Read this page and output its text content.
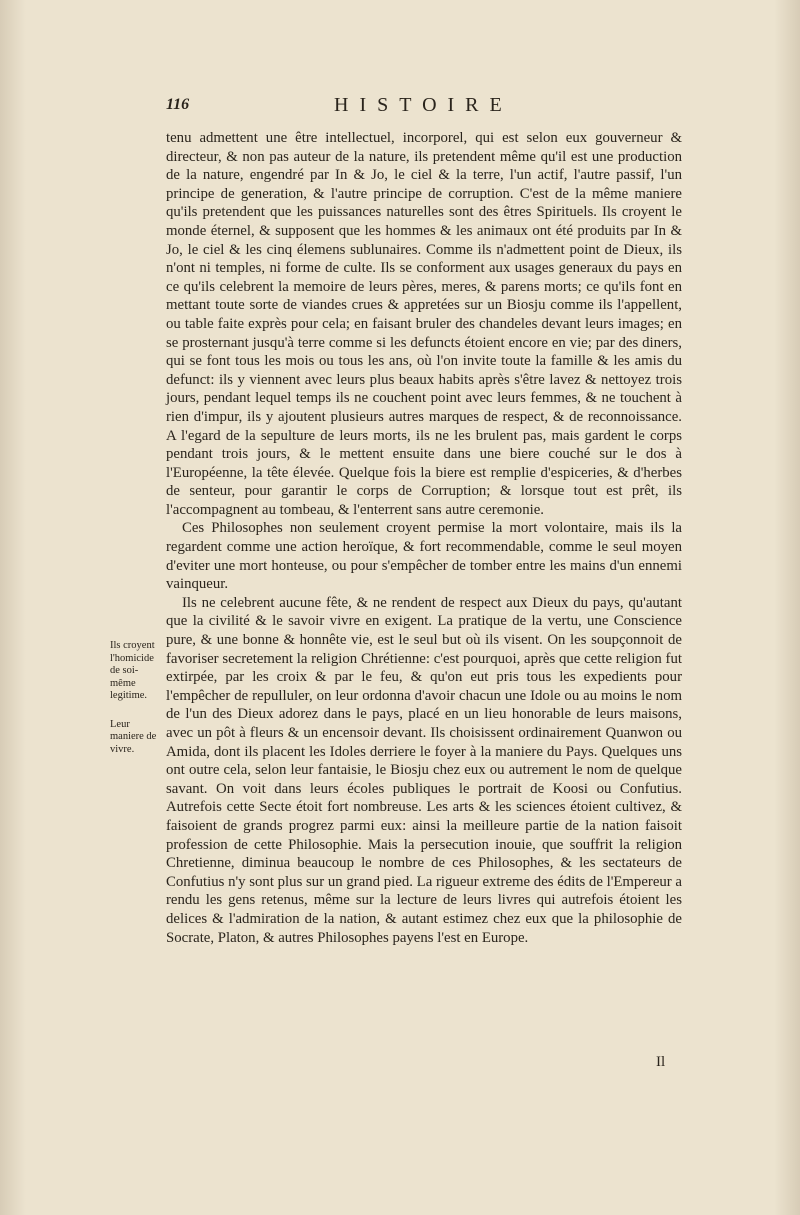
116	HISTOIRE

Ils croyent l'homicide de soi-même legitime.

Leur maniere de vivre.

tenu admettent une être intellectuel, incorporel, qui est selon eux gouverneur & directeur, & non pas auteur de la nature, ils pretendent même qu'il est une production de la nature, engendré par In & Jo, le ciel & la terre, l'un actif, l'autre passif, l'un principe de generation, & l'autre principe de corruption. C'est de la même maniere qu'ils pretendent que les puissances naturelles sont des êtres Spirituels. Ils croyent le monde éternel, & supposent que les hommes & les animaux ont été produits par In & Jo, le ciel & les cinq élemens sublunaires. Comme ils n'admettent point de Dieux, ils n'ont ni temples, ni forme de culte. Ils se conforment aux usages generaux du pays en ce qu'ils celebrent la memoire de leurs pères, meres, & parens morts; ce qu'ils font en mettant toute sorte de viandes crues & appretées sur un Biosju comme ils l'appellent, ou table faite exprès pour cela; en faisant bruler des chandeles devant leurs images; en se prosternant jusqu'à terre comme si les defuncts étoient encore en vie; par des diners, qui se font tous les mois ou tous les ans, où l'on invite toute la famille & les amis du defunct: ils y viennent avec leurs plus beaux habits après s'être lavez & nettoyez trois jours, pendant lequel temps ils ne couchent point avec leurs femmes, & ne touchent à rien d'impur, ils y ajoutent plusieurs autres marques de respect, & de reconnoissance. A l'egard de la sepulture de leurs morts, ils ne les brulent pas, mais gardent le corps pendant trois jours, & le mettent ensuite dans une biere couché sur le dos à l'Européenne, la tête élevée. Quelque fois la biere est remplie d'espiceries, & d'herbes de senteur, pour garantir le corps de Corruption; & lorsque tout est prêt, ils l'accompagnent au tombeau, & l'enterrent sans autre ceremonie.

Ces Philosophes non seulement croyent permise la mort volontaire, mais ils la regardent comme une action heroïque, & fort recommendable, comme le seul moyen d'eviter une mort honteuse, ou pour s'empêcher de tomber entre les mains d'un ennemi vainqueur.

Ils ne celebrent aucune fête, & ne rendent de respect aux Dieux du pays, qu'autant que la civilité & le savoir vivre en exigent. La pratique de la vertu, une Conscience pure, & une bonne & honnête vie, est le seul but où ils visent. On les soupçonnoit de favoriser secretement la religion Chrétienne: c'est pourquoi, après que cette religion fut extirpée, par les croix & par le feu, & qu'on eut pris tous les expedients pour l'empêcher de repulluler, on leur ordonna d'avoir chacun une Idole ou au moins le nom de l'un des Dieux adorez dans le pays, placé en un lieu honorable de leurs maisons, avec un pôt à fleurs & un encensoir devant. Ils choisissent ordinairement Quanwon ou Amida, dont ils placent les Idoles derriere le foyer à la maniere du Pays. Quelques uns ont outre cela, selon leur fantaisie, le Biosju chez eux ou autrement le nom de quelque savant. On voit dans leurs écoles publiques le portrait de Koosi ou Confutius. Autrefois cette Secte étoit fort nombreuse. Les arts & les sciences étoient cultivez, & faisoient de grands progrez parmi eux: ainsi la meilleure partie de la nation faisoit profession de cette Philosophie. Mais la persecution inouie, que souffrit la religion Chretienne, diminua beaucoup le nombre de ces Philosophes, & les sectateurs de Confutius n'y sont plus sur un grand pied. La rigueur extreme des édits de l'Empereur a rendu les gens retenus, même sur la lecture de leurs livres qui autrefois étoient les delices & l'admiration de la nation, & autant estimez chez eux que la philosophie de Socrate, Platon, & autres Philosophes payens l'est en Europe.

Il
